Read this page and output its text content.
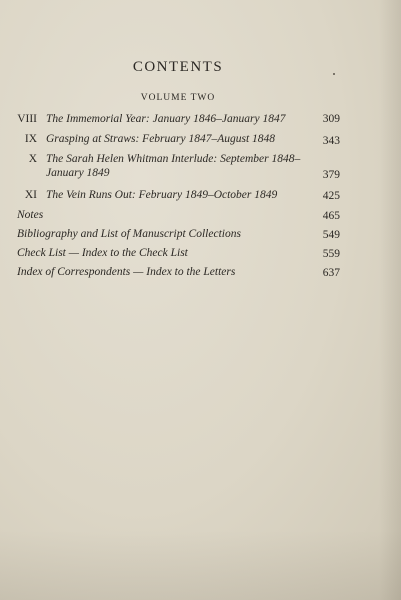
CONTENTS
VOLUME TWO
VIII The Immemorial Year: January 1846–January 1847	309
IX Grasping at Straws: February 1847–August 1848	343
X The Sarah Helen Whitman Interlude: September 1848–
January 1849	379
XI The Vein Runs Out: February 1849–October 1849	425
Notes	465
Bibliography and List of Manuscript Collections	549
Check List — Index to the Check List	559
Index of Correspondents — Index to the Letters	637
